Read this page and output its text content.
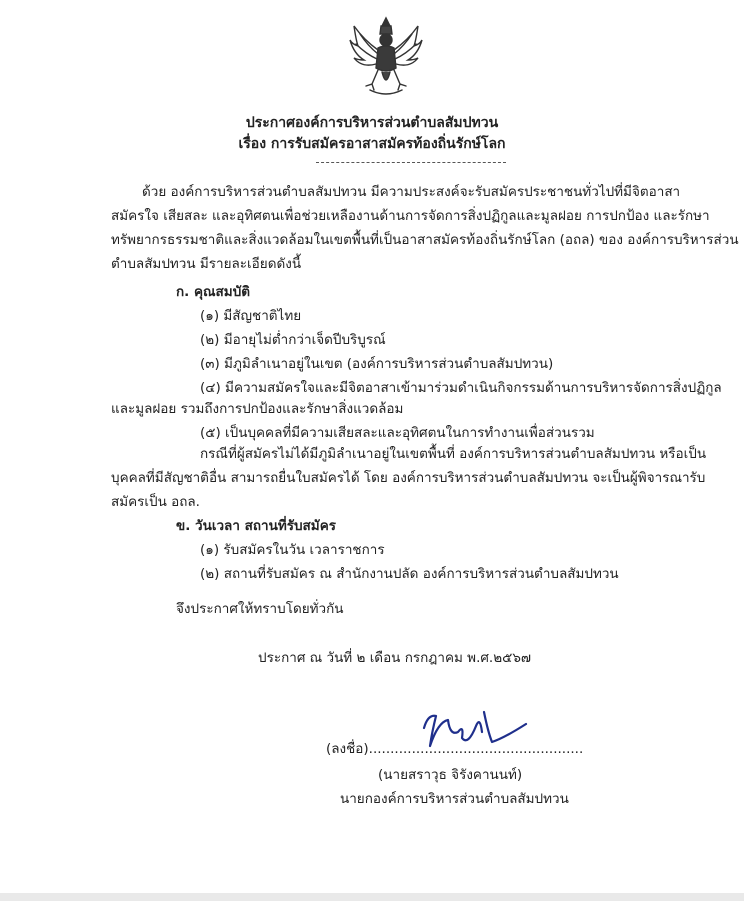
ประกาศองค์การบริหารส่วนตำบลสัมปทวน
เรื่อง การรับสมัครอาสาสมัครท้องถิ่นรักษ์โลก
ด้วย องค์การบริหารส่วนตำบลสัมปทวน มีความประสงค์จะรับสมัครประชาชนทั่วไปที่มีจิตอาสา
สมัครใจ เสียสละ และอุทิศตนเพื่อช่วยเหลืองานด้านการจัดการสิ่งปฏิกูลและมูลฝอย การปกป้อง และรักษา
ทรัพยากรธรรมชาติและสิ่งแวดล้อมในเขตพื้นที่เป็นอาสาสมัครท้องถิ่นรักษ์โลก (อถล) ของ องค์การบริหารส่วน
ตำบลสัมปทวน มีรายละเอียดดังนี้
ก. คุณสมบัติ
(๑) มีสัญชาติไทย
(๒) มีอายุไม่ต่ำกว่าเจ็ดปีบริบูรณ์
(๓) มีภูมิลำเนาอยู่ในเขต (องค์การบริหารส่วนตำบลสัมปทวน)
(๔) มีความสมัครใจและมีจิตอาสาเข้ามาร่วมดำเนินกิจกรรมด้านการบริหารจัดการสิ่งปฏิกูล
และมูลฝอย รวมถึงการปกป้องและรักษาสิ่งแวดล้อม
(๕) เป็นบุคคลที่มีความเสียสละและอุทิศตนในการทำงานเพื่อส่วนรวม
กรณีที่ผู้สมัครไม่ได้มีภูมิลำเนาอยู่ในเขตพื้นที่ องค์การบริหารส่วนตำบลสัมปทวน หรือเป็น
บุคคลที่มีสัญชาติอื่น สามารถยื่นใบสมัครได้ โดย องค์การบริหารส่วนตำบลสัมปทวน จะเป็นผู้พิจารณารับ
สมัครเป็น อถล.
ข. วันเวลา สถานที่รับสมัคร
(๑) รับสมัครในวัน เวลาราชการ
(๒) สถานที่รับสมัคร ณ สำนักงานปลัด องค์การบริหารส่วนตำบลสัมปทวน
จึงประกาศให้ทราบโดยทั่วกัน
ประกาศ ณ วันที่ ๒ เดือน กรกฎาคม พ.ศ.๒๕๖๗
(ลงชื่อ)..................................................
(นายสราวุธ จิรังคานนท์)
นายกองค์การบริหารส่วนตำบลสัมปทวน
